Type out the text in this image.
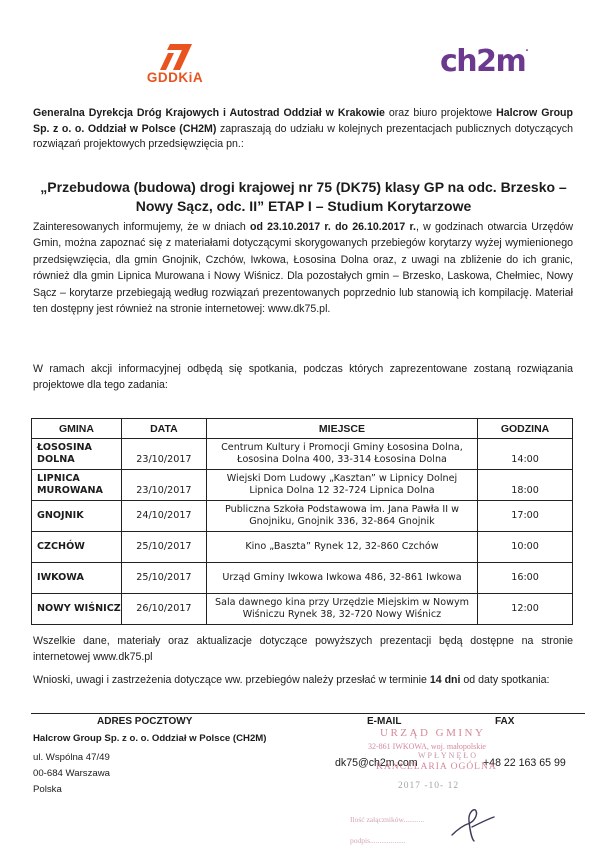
GDDKiA	ch2m.
Generalna Dyrekcja Dróg Krajowych i Autostrad Oddział w Krakowie oraz biuro projektowe Halcrow Group Sp. z o. o. Oddział w Polsce (CH2M) zapraszają do udziału w kolejnych prezentacjach publicznych dotyczących rozwiązań projektowych przedsięwzięcia pn.:
„Przebudowa (budowa) drogi krajowej nr 75 (DK75) klasy GP na odc. Brzesko – Nowy Sącz, odc. II” ETAP I – Studium Korytarzowe
Zainteresowanych informujemy, że w dniach od 23.10.2017 r. do 26.10.2017 r., w godzinach otwarcia Urzędów Gmin, można zapoznać się z materiałami dotyczącymi skorygowanych przebiegów korytarzy wyżej wymienionego przedsięwzięcia, dla gmin Gnojnik, Czchów, Iwkowa, Łososina Dolna oraz, z uwagi na zbliżenie do ich granic, również dla gmin Lipnica Murowana i Nowy Wiśnicz. Dla pozostałych gmin – Brzesko, Laskowa, Chełmiec, Nowy Sącz – korytarze przebiegają według rozwiązań prezentowanych poprzednio lub stanowią ich kompilację. Materiał ten dostępny jest również na stronie internetowej: www.dk75.pl.
W ramach akcji informacyjnej odbędą się spotkania, podczas których zaprezentowane zostaną rozwiązania projektowe dla tego zadania:
GMINA	DATA	MIEJSCE	GODZINA
ŁOSOSINA DOLNA	23/10/2017	Centrum Kultury i Promocji Gminy Łososina Dolna, Łososina Dolna 400, 33-314 Łososina Dolna	14:00
LIPNICA MUROWANA	23/10/2017	Wiejski Dom Ludowy „Kasztan” w Lipnicy Dolnej Lipnica Dolna 12 32-724 Lipnica Dolna	18:00
GNOJNIK	24/10/2017	Publiczna Szkoła Podstawowa im. Jana Pawła II w Gnojniku, Gnojnik 336, 32-864 Gnojnik	17:00
CZCHÓW	25/10/2017	Kino „Baszta” Rynek 12, 32-860 Czchów	10:00
IWKOWA	25/10/2017	Urząd Gminy Iwkowa Iwkowa 486, 32-861 Iwkowa	16:00
NOWY WIŚNICZ	26/10/2017	Sala dawnego kina przy Urzędzie Miejskim w Nowym Wiśniczu Rynek 38, 32-720 Nowy Wiśnicz	12:00
Wszelkie dane, materiały oraz aktualizacje dotyczące powyższych prezentacji będą dostępne na stronie internetowej www.dk75.pl
Wnioski, uwagi i zastrzeżenia dotyczące ww. przebiegów należy przesłać w terminie 14 dni od daty spotkania:
ADRES POCZTOWY	E-MAIL	FAX
Halcrow Group Sp. z o. o. Oddział w Polsce (CH2M)
ul. Wspólna 47/49
00-684 Warszawa
Polska
dk75@ch2m.com	+48 22 163 65 99
URZĄD GMINY
32-861 IWKOWA, woj. małopolskie
WPŁYNĘŁO
KANCELARIA OGÓLNA
2017 -10- 12
Ilość załączników...........
podpis...................
